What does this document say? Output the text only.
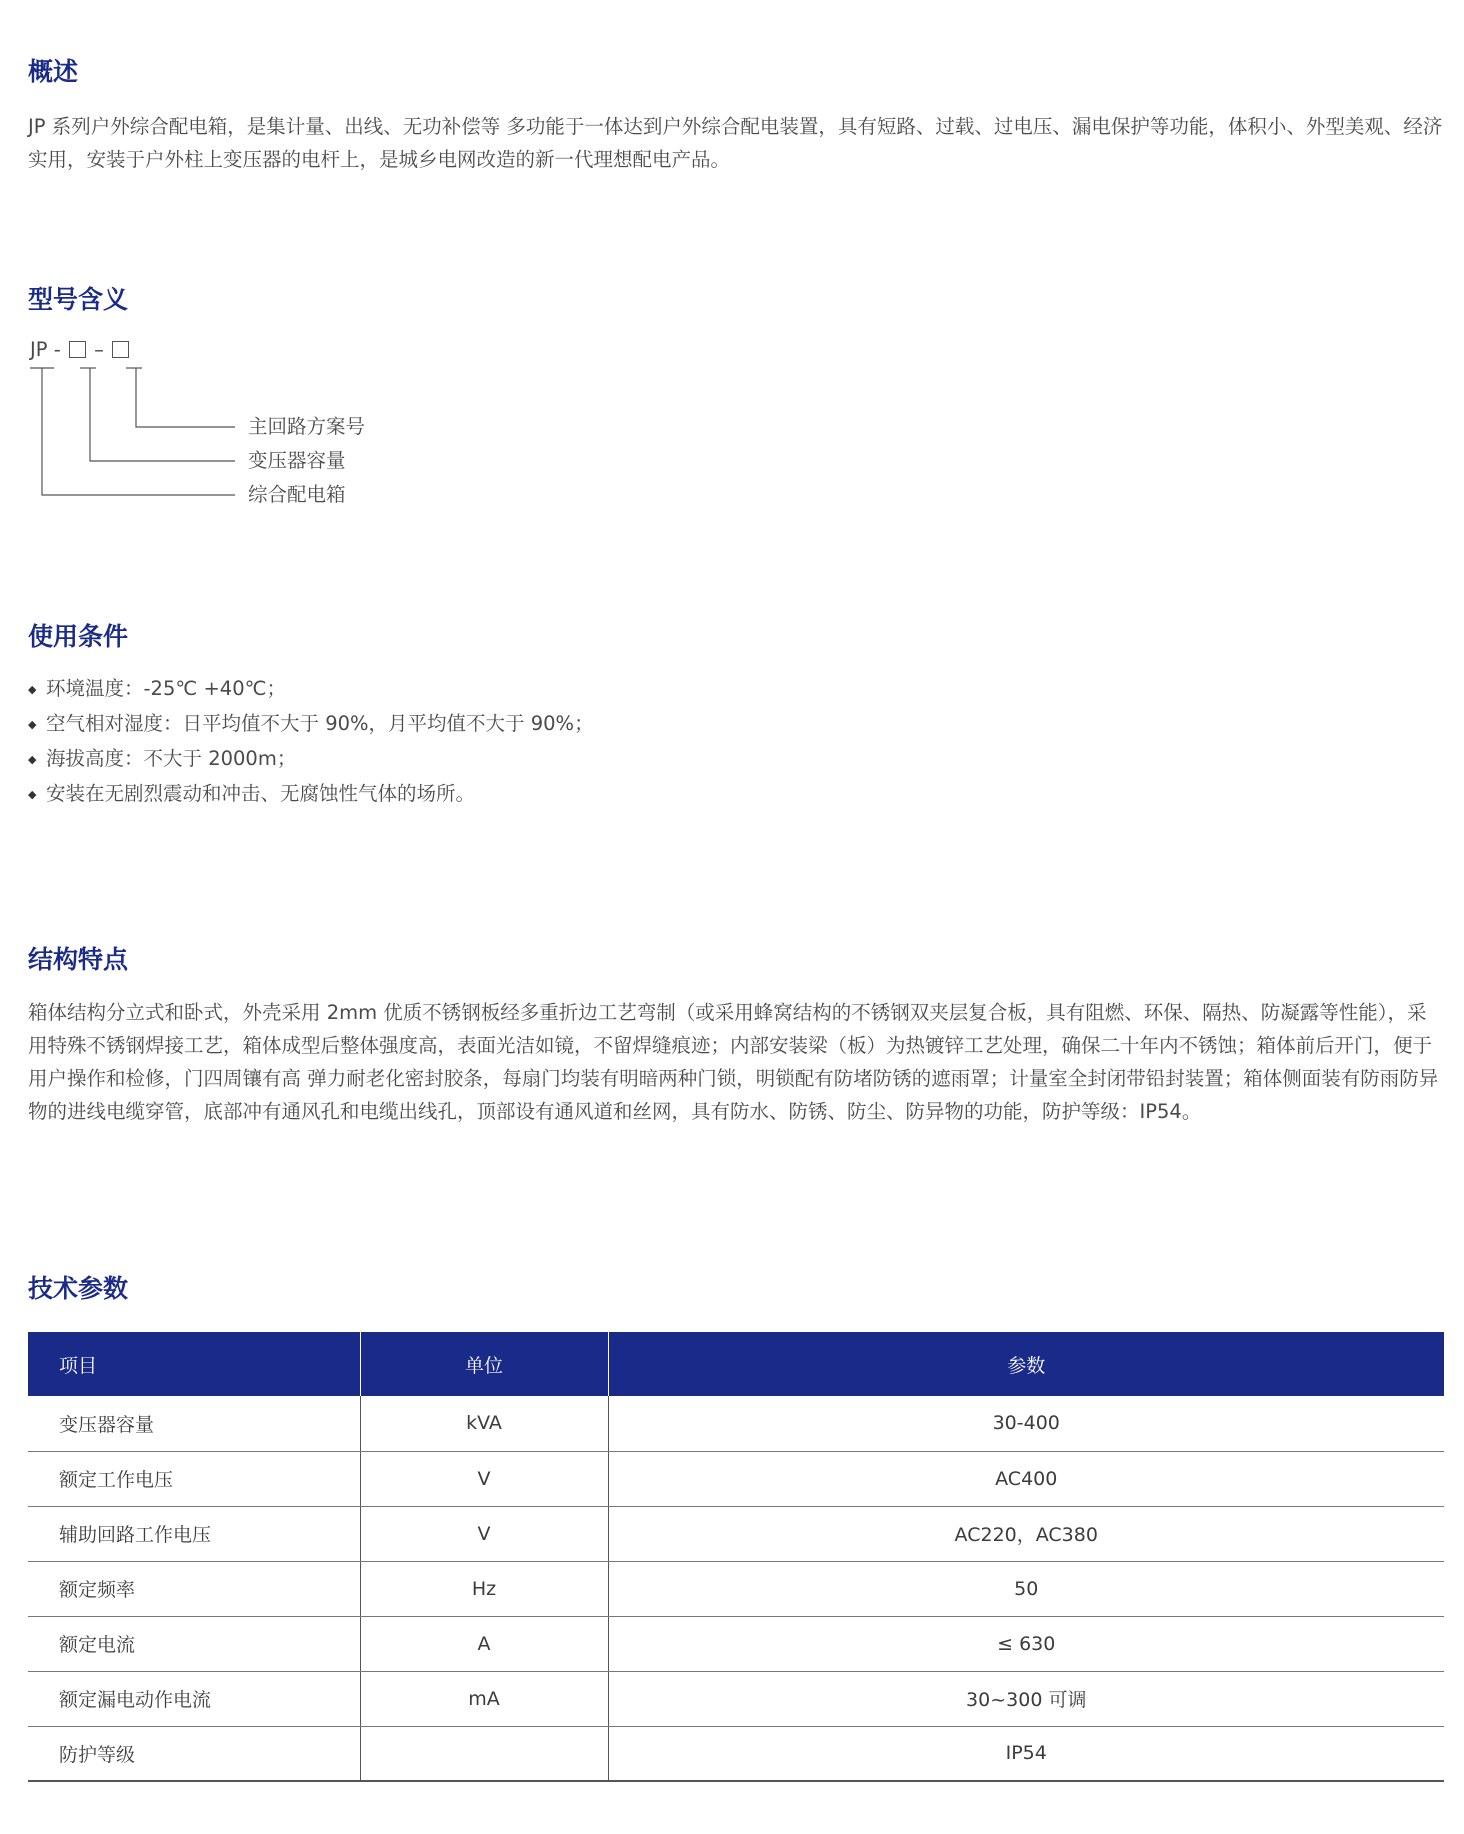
概述

JP 系列户外综合配电箱，是集计量、出线、无功补偿等 多功能于一体达到户外综合配电装置，具有短路、过载、过电压、漏电保护等功能，体积小、外型美观、经济实用，安装于户外柱上变压器的电杆上，是城乡电网改造的新一代理想配电产品。

型号含义
JP - –
主回路方案号
变压器容量
综合配电箱
使用条件
◆ 环境温度：-25℃ +40℃；
◆ 空气相对湿度：日平均值不大于 90%，月平均值不大于 90%；
◆ 海拔高度：不大于 2000m；
◆ 安装在无剧烈震动和冲击、无腐蚀性气体的场所。
结构特点

箱体结构分立式和卧式，外壳采用 2mm 优质不锈钢板经多重折边工艺弯制（或采用蜂窝结构的不锈钢双夹层复合板，具有阻燃、环保、隔热、防凝露等性能），采用特殊不锈钢焊接工艺，箱体成型后整体强度高，表面光洁如镜，不留焊缝痕迹；内部安装梁（板）为热镀锌工艺处理，确保二十年内不锈蚀；箱体前后开门，便于用户操作和检修，门四周镶有高 弹力耐老化密封胶条，每扇门均装有明暗两种门锁，明锁配有防堵防锈的遮雨罩；计量室全封闭带铅封装置；箱体侧面装有防雨防异物的进线电缆穿管，底部冲有通风孔和电缆出线孔，顶部设有通风道和丝网，具有防水、防锈、防尘、防异物的功能，防护等级：IP54。

技术参数
项目	单位	参数
变压器容量	kVA	30-400
额定工作电压	V	AC400
辅助回路工作电压	V	AC220，AC380
额定频率	Hz	50
额定电流	A	≤ 630
额定漏电动作电流	mA	30~300 可调
防护等级		IP54
